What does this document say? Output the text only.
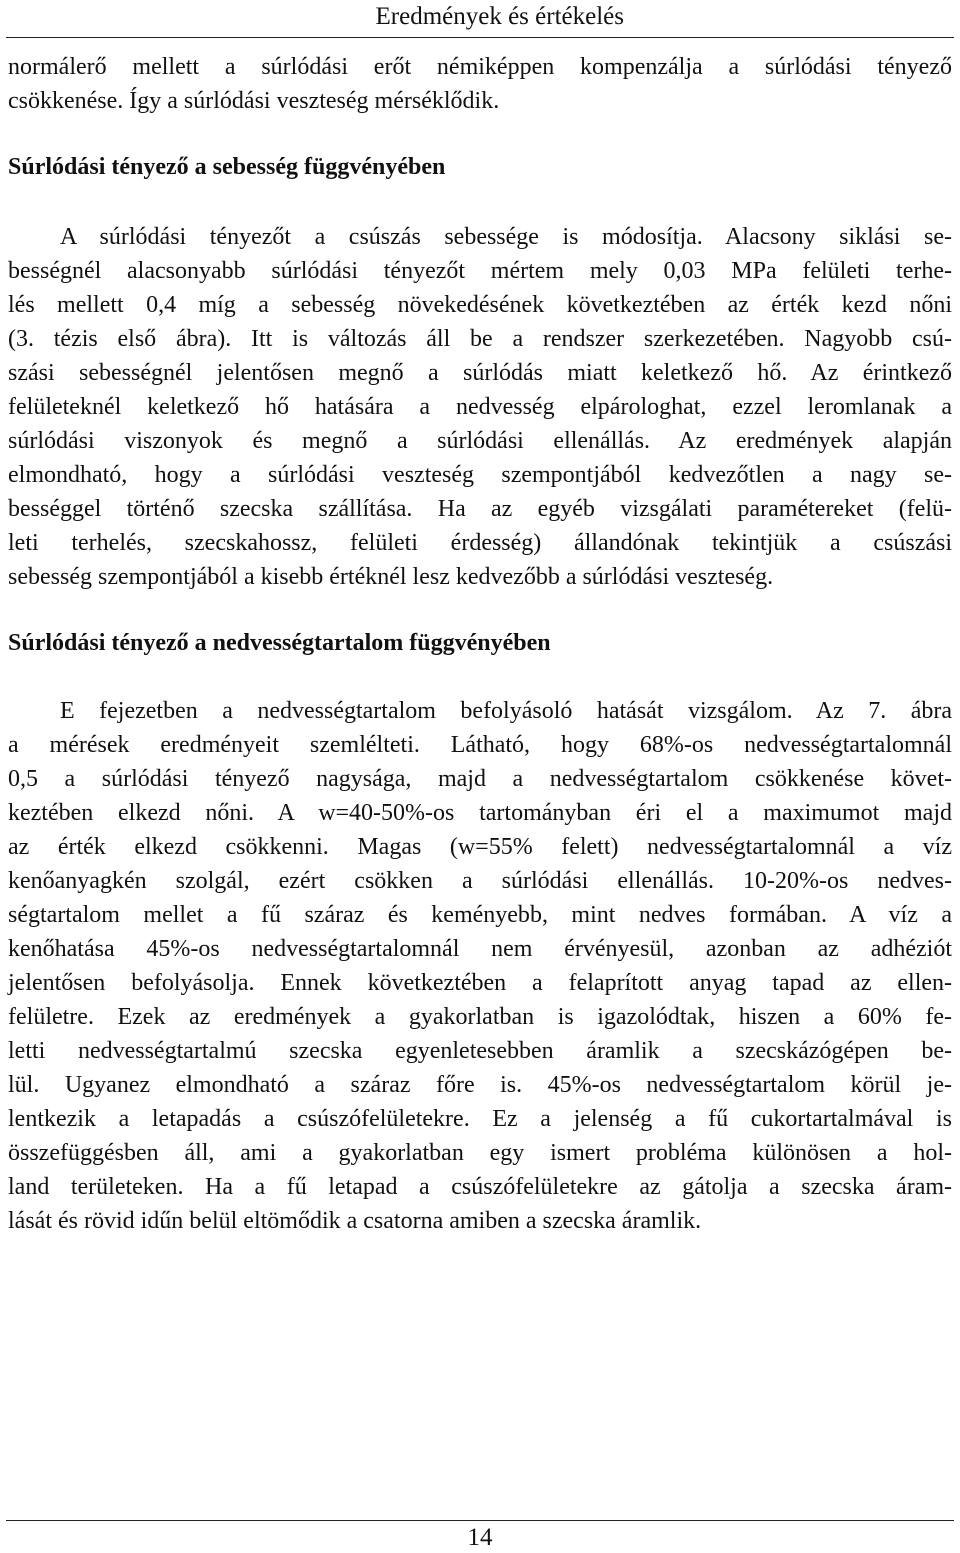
Eredmények és értékelés
normálerő mellett a súrlódási erőt némiképpen kompenzálja a súrlódási tényező
csökkenése. Így a súrlódási veszteség mérséklődik.
Súrlódási tényező a sebesség függvényében
A súrlódási tényezőt a csúszás sebessége is módosítja. Alacsony siklási se-
bességnél alacsonyabb súrlódási tényezőt mértem mely 0,03 MPa felületi terhe-
lés mellett 0,4 míg a sebesség növekedésének következtében az érték kezd nőni
(3. tézis első ábra). Itt is változás áll be a rendszer szerkezetében. Nagyobb csú-
szási sebességnél jelentősen megnő a súrlódás miatt keletkező hő. Az érintkező
felületeknél keletkező hő hatására a nedvesség elpárologhat, ezzel leromlanak a
súrlódási viszonyok és megnő a súrlódási ellenállás. Az eredmények alapján
elmondható, hogy a súrlódási veszteség szempontjából kedvezőtlen a nagy se-
bességgel történő szecska szállítása. Ha az egyéb vizsgálati paramétereket (felü-
leti terhelés, szecskahossz, felületi érdesség) állandónak tekintjük a csúszási
sebesség szempontjából a kisebb értéknél lesz kedvezőbb a súrlódási veszteség.
Súrlódási tényező a nedvességtartalom függvényében
E fejezetben a nedvességtartalom befolyásoló hatását vizsgálom. Az 7. ábra
a mérések eredményeit szemlélteti. Látható, hogy 68%-os nedvességtartalomnál
0,5 a súrlódási tényező nagysága, majd a nedvességtartalom csökkenése követ-
keztében elkezd nőni. A w=40-50%-os tartományban éri el a maximumot majd
az érték elkezd csökkenni. Magas (w=55% felett) nedvességtartalomnál a víz
kenőanyagkén szolgál, ezért csökken a súrlódási ellenállás. 10-20%-os nedves-
ségtartalom mellet a fű száraz és keményebb, mint nedves formában. A víz a
kenőhatása 45%-os nedvességtartalomnál nem érvényesül, azonban az adhéziót
jelentősen befolyásolja. Ennek következtében a felaprított anyag tapad az ellen-
felületre. Ezek az eredmények a gyakorlatban is igazolódtak, hiszen a 60% fe-
letti nedvességtartalmú szecska egyenletesebben áramlik a szecskázógépen be-
lül. Ugyanez elmondható a száraz főre is. 45%-os nedvességtartalom körül je-
lentkezik a letapadás a csúszófelületekre. Ez a jelenség a fű cukortartalmával is
összefüggésben áll, ami a gyakorlatban egy ismert probléma különösen a hol-
land területeken. Ha a fű letapad a csúszófelületekre az gátolja a szecska áram-
lását és rövid idűn belül eltömődik a csatorna amiben a szecska áramlik.
14
